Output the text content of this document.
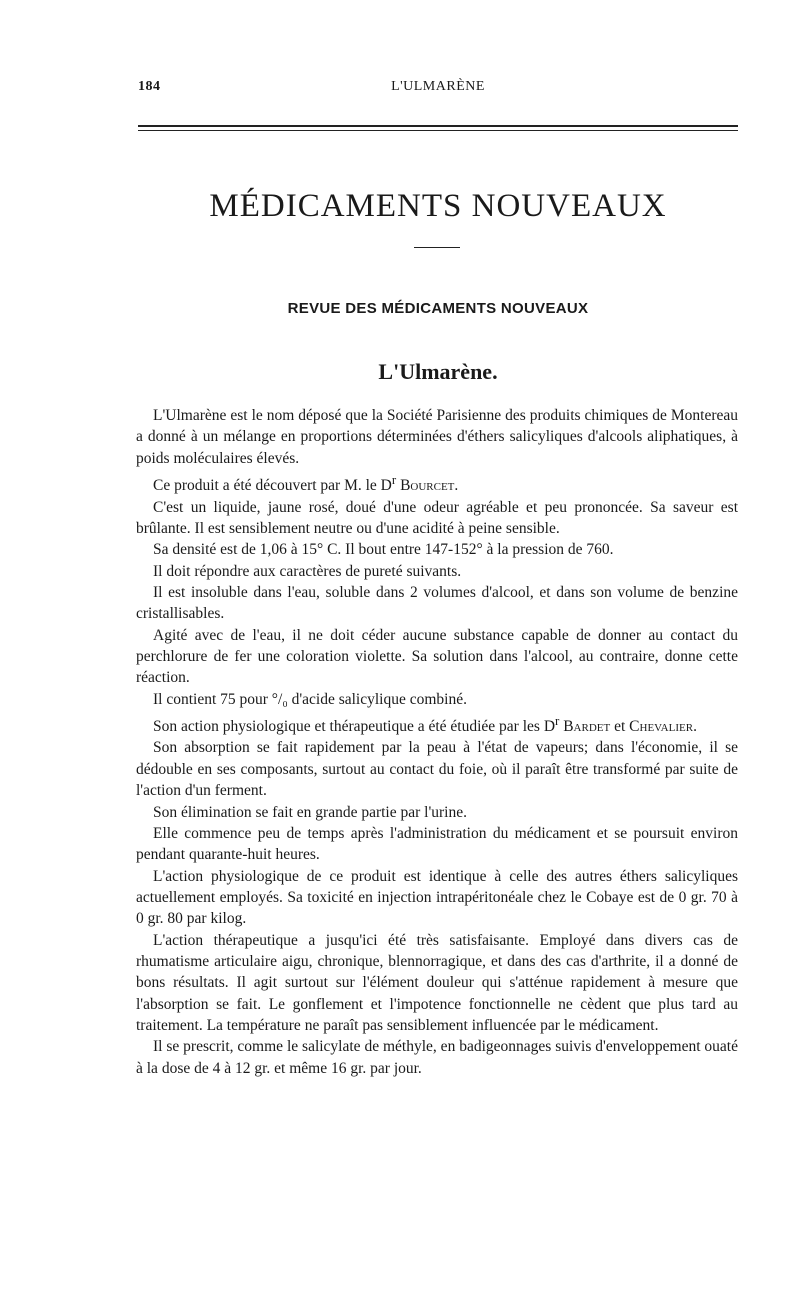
184	L'ULMARÈNE
MÉDICAMENTS NOUVEAUX
REVUE DES MÉDICAMENTS NOUVEAUX
L'Ulmarène.

L'Ulmarène est le nom déposé que la Société Parisienne des produits chimiques de Montereau a donné à un mélange en proportions déterminées d'éthers salicyliques d'alcools aliphatiques, à poids moléculaires élevés.

Ce produit a été découvert par M. le $D^r$ Bourcet.

C'est un liquide, jaune rosé, doué d'une odeur agréable et peu prononcée. Sa saveur est brûlante. Il est sensiblement neutre ou d'une acidité à peine sensible.

Sa densité est de 1,06 à 15° C. Il bout entre 147-152° à la pression de 760.

Il doit répondre aux caractères de pureté suivants.

Il est insoluble dans l'eau, soluble dans 2 volumes d'alcool, et dans son volume de benzine cristallisables.

Agité avec de l'eau, il ne doit céder aucune substance capable de donner au contact du perchlorure de fer une coloration violette. Sa solution dans l'alcool, au contraire, donne cette réaction.

Il contient 75 pour °/₀ d'acide salicylique combiné.

Son action physiologique et thérapeutique a été étudiée par les $D^r$ Bardet et Chevalier.

Son absorption se fait rapidement par la peau à l'état de vapeurs; dans l'économie, il se dédouble en ses composants, surtout au contact du foie, où il paraît être transformé par suite de l'action d'un ferment.

Son élimination se fait en grande partie par l'urine.

Elle commence peu de temps après l'administration du médicament et se poursuit environ pendant quarante-huit heures.

L'action physiologique de ce produit est identique à celle des autres éthers salicyliques actuellement employés. Sa toxicité en injection intrapéritonéale chez le Cobaye est de 0 gr. 70 à 0 gr. 80 par kilog.

L'action thérapeutique a jusqu'ici été très satisfaisante. Employé dans divers cas de rhumatisme articulaire aigu, chronique, blennorragique, et dans des cas d'arthrite, il a donné de bons résultats. Il agit surtout sur l'élément douleur qui s'atténue rapidement à mesure que l'absorption se fait. Le gonflement et l'impotence fonctionnelle ne cèdent que plus tard au traitement. La température ne paraît pas sensiblement influencée par le médicament.

Il se prescrit, comme le salicylate de méthyle, en badigeonnages suivis d'enveloppement ouaté à la dose de 4 à 12 gr. et même 16 gr. par jour.
